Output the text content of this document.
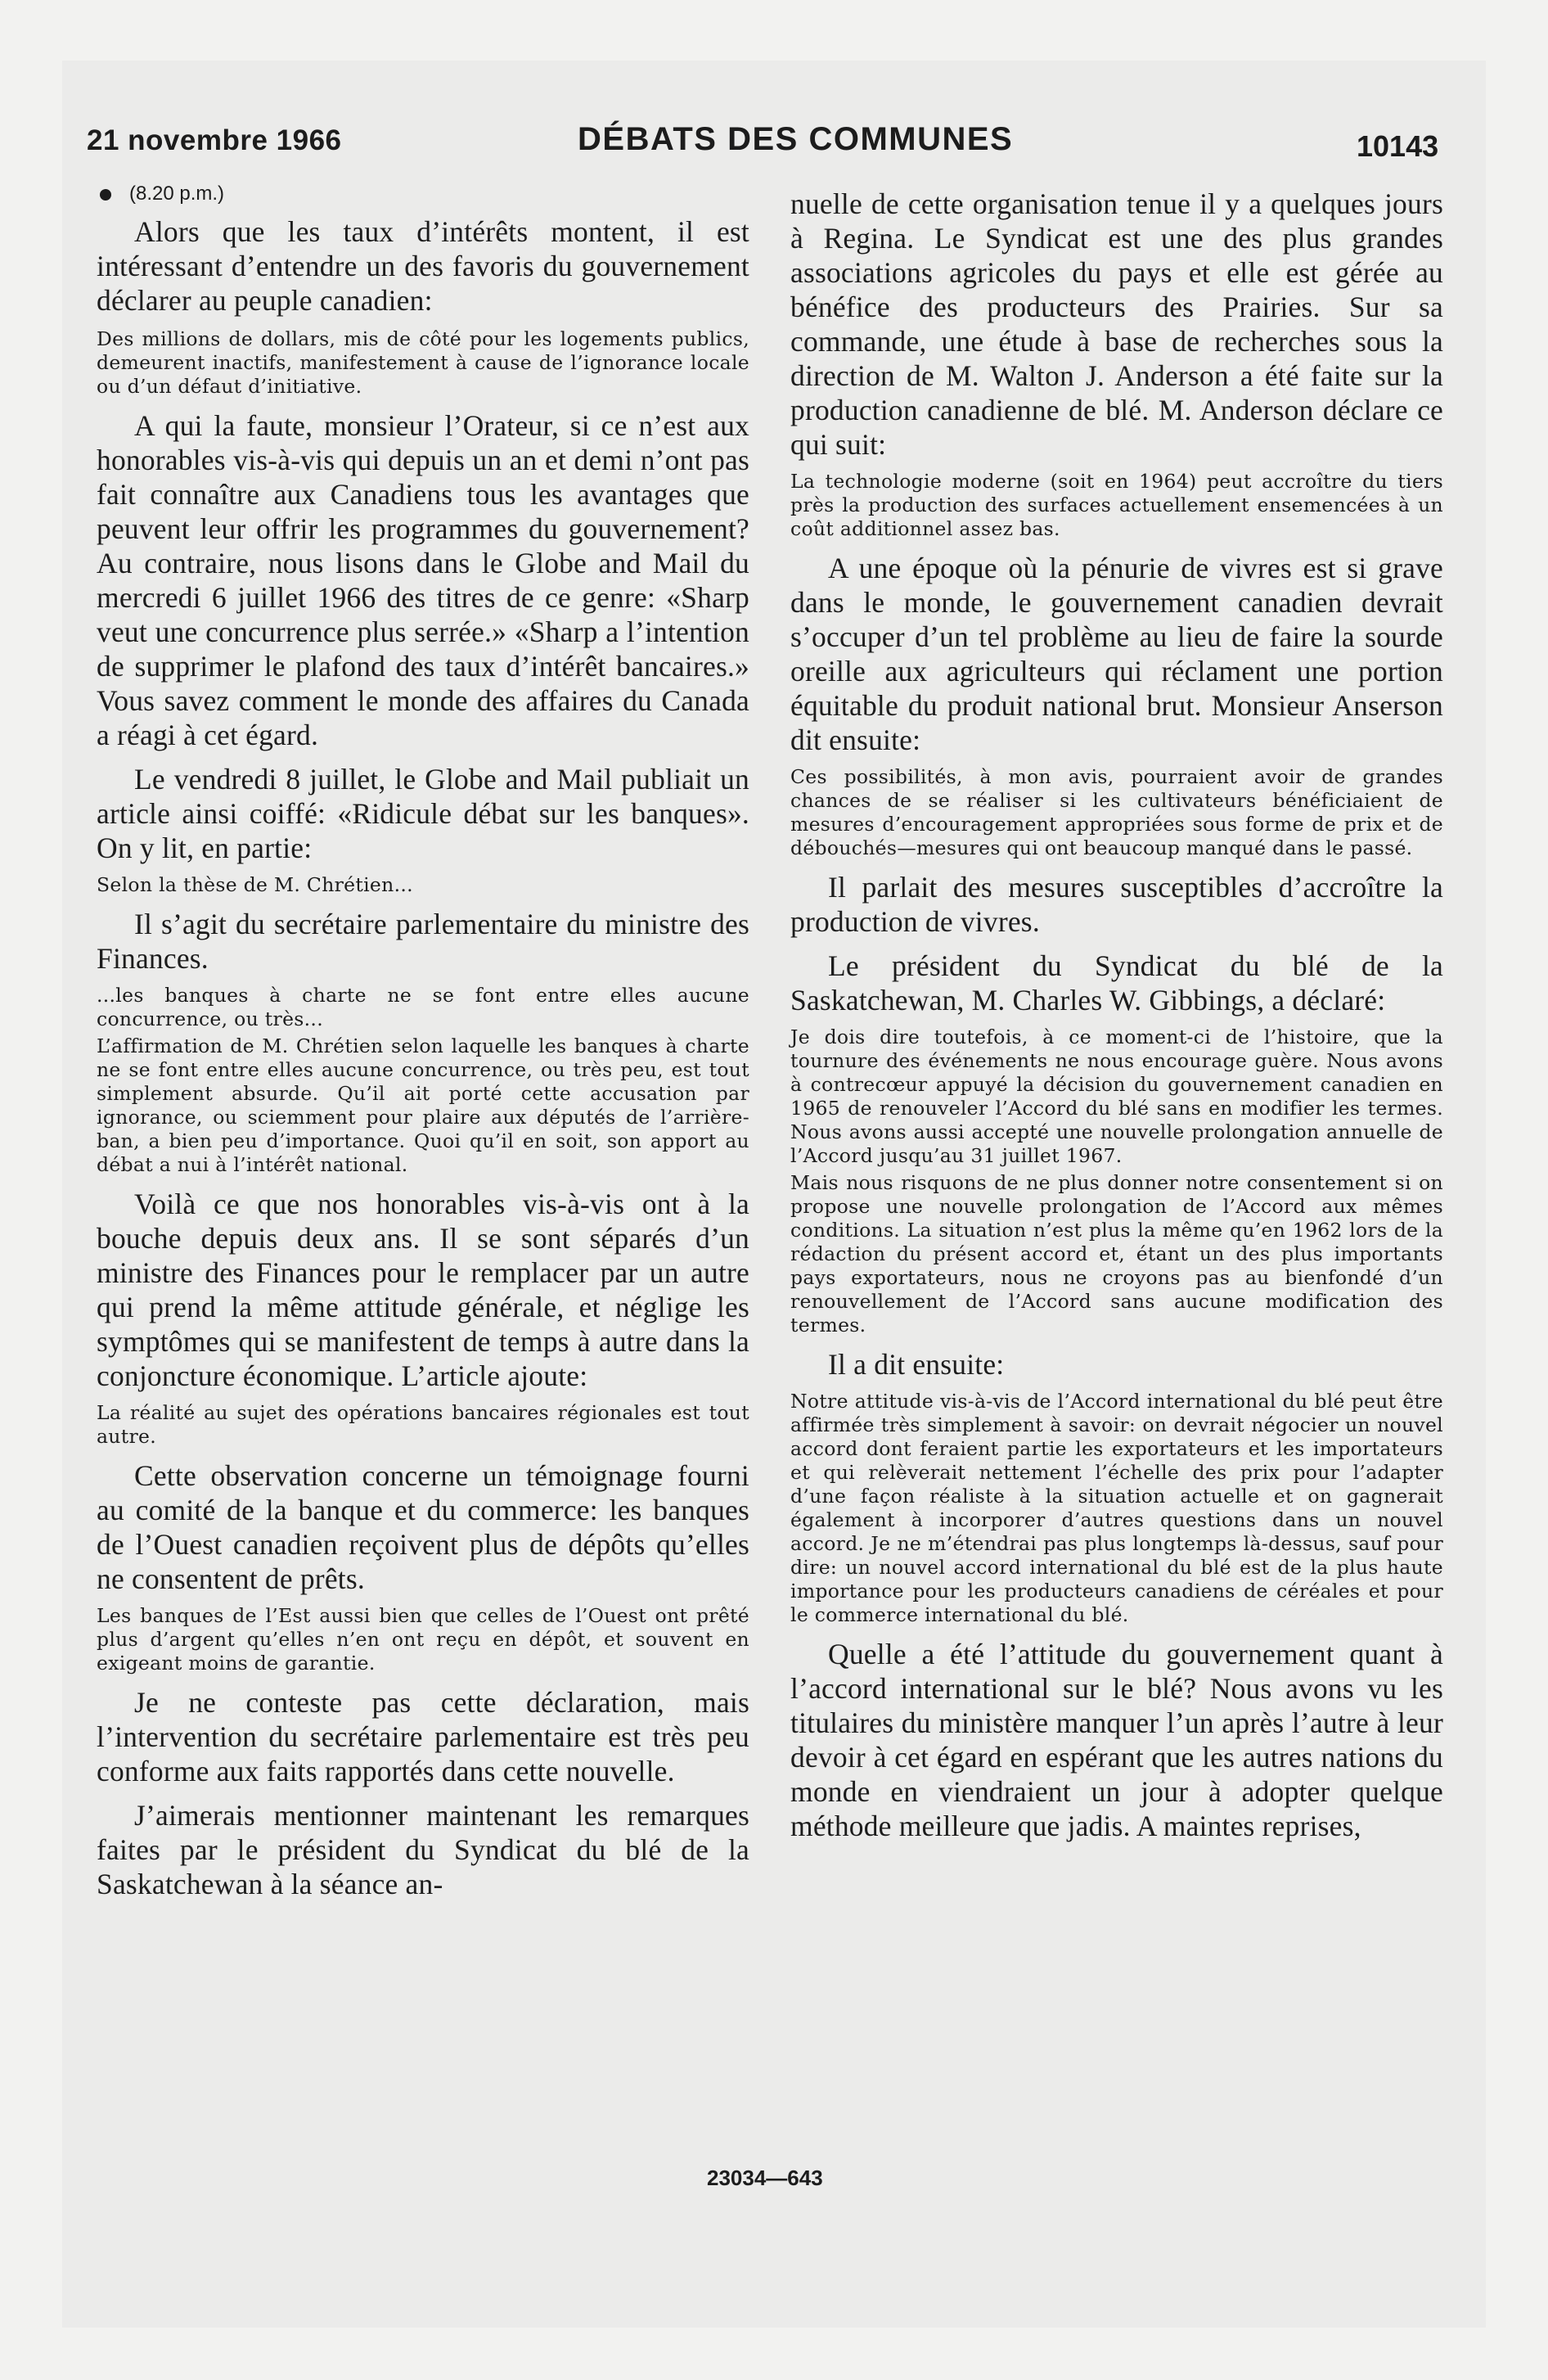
21 novembre 1966	DÉBATS DES COMMUNES	10143
(8.20 p.m.)

Alors que les taux d’intérêts montent, il est intéressant d’entendre un des favoris du gouvernement déclarer au peuple canadien:

Des millions de dollars, mis de côté pour les logements publics, demeurent inactifs, manifestement à cause de l’ignorance locale ou d’un défaut d’initiative.

A qui la faute, monsieur l’Orateur, si ce n’est aux honorables vis-à-vis qui depuis un an et demi n’ont pas fait connaître aux Canadiens tous les avantages que peuvent leur offrir les programmes du gouvernement? Au contraire, nous lisons dans le Globe and Mail du mercredi 6 juillet 1966 des titres de ce genre: «Sharp veut une concurrence plus serrée.» «Sharp a l’intention de supprimer le plafond des taux d’intérêt bancaires.» Vous savez comment le monde des affaires du Canada a réagi à cet égard.

Le vendredi 8 juillet, le Globe and Mail publiait un article ainsi coiffé: «Ridicule débat sur les banques». On y lit, en partie:

Selon la thèse de M. Chrétien...

Il s’agit du secrétaire parlementaire du ministre des Finances.

...les banques à charte ne se font entre elles aucune concurrence, ou très...

L’affirmation de M. Chrétien selon laquelle les banques à charte ne se font entre elles aucune concurrence, ou très peu, est tout simplement absurde. Qu’il ait porté cette accusation par ignorance, ou sciemment pour plaire aux députés de l’arrière-ban, a bien peu d’importance. Quoi qu’il en soit, son apport au débat a nui à l’intérêt national.

Voilà ce que nos honorables vis-à-vis ont à la bouche depuis deux ans. Il se sont séparés d’un ministre des Finances pour le remplacer par un autre qui prend la même attitude générale, et néglige les symptômes qui se manifestent de temps à autre dans la conjoncture économique. L’article ajoute:

La réalité au sujet des opérations bancaires régionales est tout autre.

Cette observation concerne un témoignage fourni au comité de la banque et du commerce: les banques de l’Ouest canadien reçoivent plus de dépôts qu’elles ne consentent de prêts.

Les banques de l’Est aussi bien que celles de l’Ouest ont prêté plus d’argent qu’elles n’en ont reçu en dépôt, et souvent en exigeant moins de garantie.

Je ne conteste pas cette déclaration, mais l’intervention du secrétaire parlementaire est très peu conforme aux faits rapportés dans cette nouvelle.

J’aimerais mentionner maintenant les remarques faites par le président du Syndicat du blé de la Saskatchewan à la séance an-

nuelle de cette organisation tenue il y a quelques jours à Regina. Le Syndicat est une des plus grandes associations agricoles du pays et elle est gérée au bénéfice des producteurs des Prairies. Sur sa commande, une étude à base de recherches sous la direction de M. Walton J. Anderson a été faite sur la production canadienne de blé. M. Anderson déclare ce qui suit:

La technologie moderne (soit en 1964) peut accroître du tiers près la production des surfaces actuellement ensemencées à un coût additionnel assez bas.

A une époque où la pénurie de vivres est si grave dans le monde, le gouvernement canadien devrait s’occuper d’un tel problème au lieu de faire la sourde oreille aux agriculteurs qui réclament une portion équitable du produit national brut. Monsieur Anserson dit ensuite:

Ces possibilités, à mon avis, pourraient avoir de grandes chances de se réaliser si les cultivateurs bénéficiaient de mesures d’encouragement appropriées sous forme de prix et de débouchés—mesures qui ont beaucoup manqué dans le passé.

Il parlait des mesures susceptibles d’accroître la production de vivres.

Le président du Syndicat du blé de la Saskatchewan, M. Charles W. Gibbings, a déclaré:

Je dois dire toutefois, à ce moment-ci de l’histoire, que la tournure des événements ne nous encourage guère. Nous avons à contrecœur appuyé la décision du gouvernement canadien en 1965 de renouveler l’Accord du blé sans en modifier les termes. Nous avons aussi accepté une nouvelle prolongation annuelle de l’Accord jusqu’au 31 juillet 1967.

Mais nous risquons de ne plus donner notre consentement si on propose une nouvelle prolongation de l’Accord aux mêmes conditions. La situation n’est plus la même qu’en 1962 lors de la rédaction du présent accord et, étant un des plus importants pays exportateurs, nous ne croyons pas au bienfondé d’un renouvellement de l’Accord sans aucune modification des termes.

Il a dit ensuite:

Notre attitude vis-à-vis de l’Accord international du blé peut être affirmée très simplement à savoir: on devrait négocier un nouvel accord dont feraient partie les exportateurs et les importateurs et qui relèverait nettement l’échelle des prix pour l’adapter d’une façon réaliste à la situation actuelle et on gagnerait également à incorporer d’autres questions dans un nouvel accord. Je ne m’étendrai pas plus longtemps là-dessus, sauf pour dire: un nouvel accord international du blé est de la plus haute importance pour les producteurs canadiens de céréales et pour le commerce international du blé.

Quelle a été l’attitude du gouvernement quant à l’accord international sur le blé? Nous avons vu les titulaires du ministère manquer l’un après l’autre à leur devoir à cet égard en espérant que les autres nations du monde en viendraient un jour à adopter quelque méthode meilleure que jadis. A maintes reprises,

23034—643
